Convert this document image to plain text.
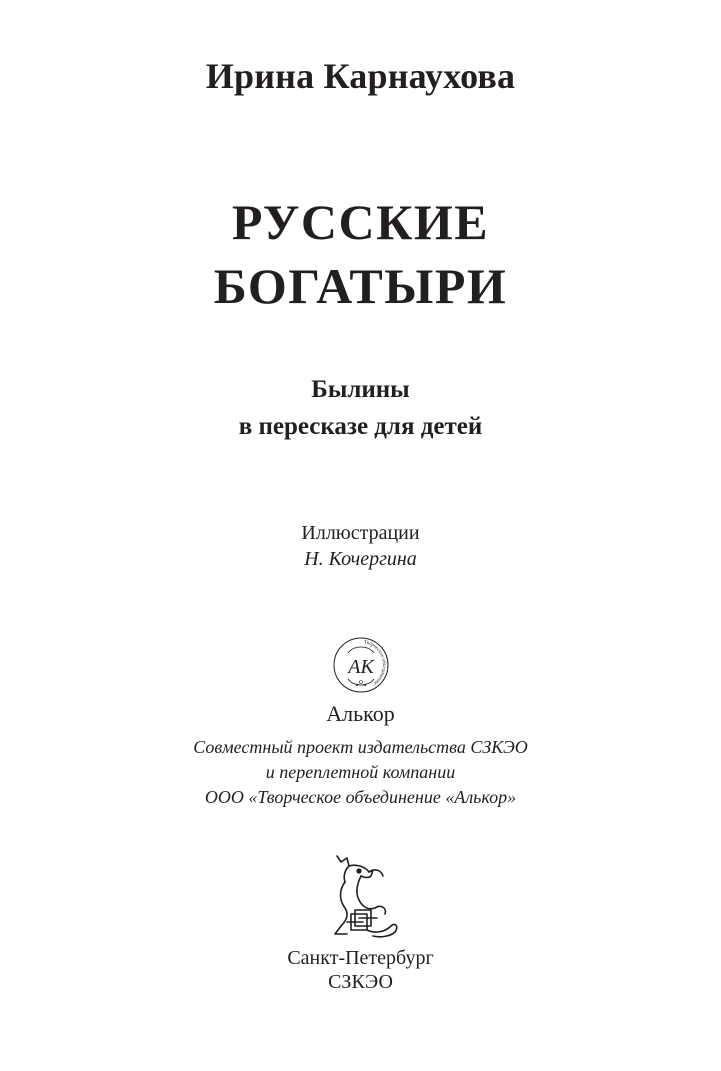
Ирина Карнаухова
РУССКИЕ
БОГАТЫРИ
Былины
в пересказе для детей
Иллюстрации
Н. Кочергина
Творческое объединение
АК
Алькор
Совместный проект издательства СЗКЭО
и переплетной компании
ООО «Творческое объединение «Алькор»
Санкт-Петербург
СЗКЭО
